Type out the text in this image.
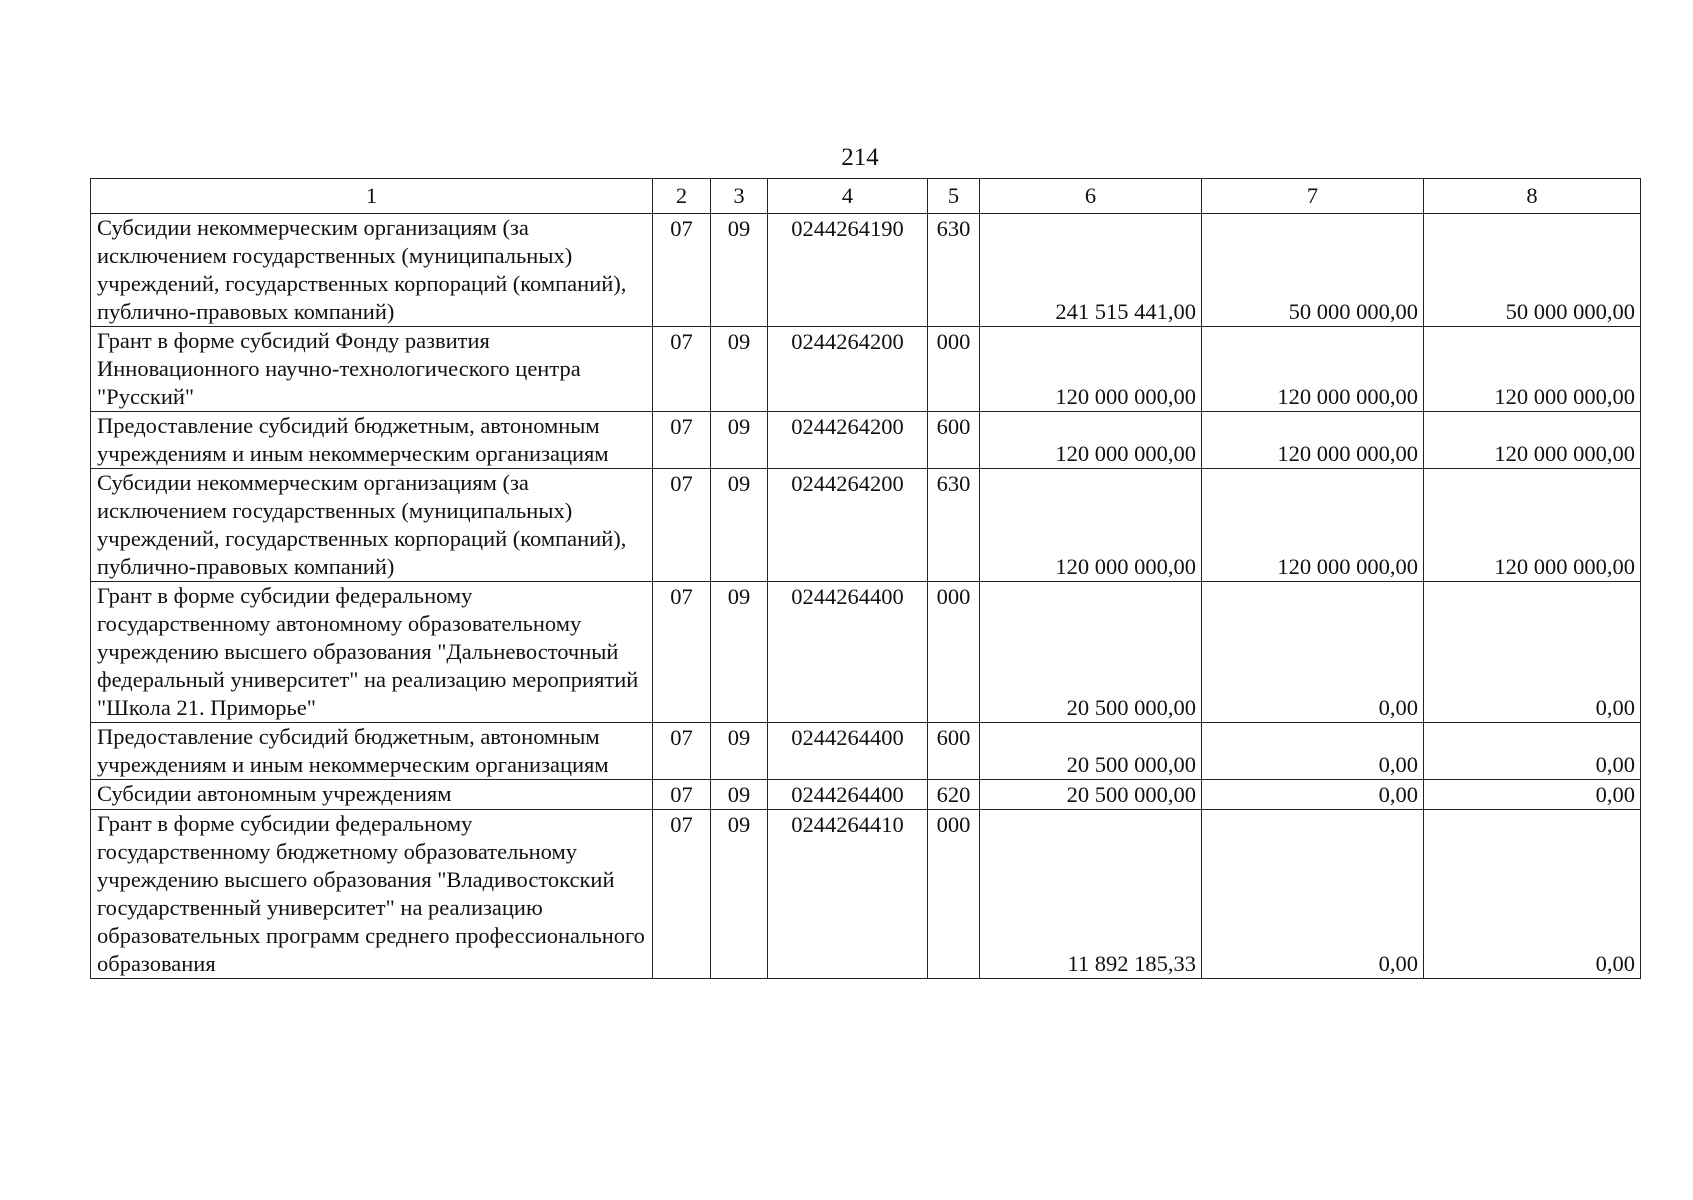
214
1	2	3	4	5	6	7	8
Субсидии некоммерческим организациям (за исключением государственных (муниципальных) учреждений, государственных корпораций (компаний), публично-правовых компаний)	07	09	0244264190	630	241 515 441,00	50 000 000,00	50 000 000,00
Грант в форме субсидий Фонду развития Инновационного научно-технологического центра "Русский"	07	09	0244264200	000	120 000 000,00	120 000 000,00	120 000 000,00
Предоставление субсидий бюджетным, автономным учреждениям и иным некоммерческим организациям	07	09	0244264200	600	120 000 000,00	120 000 000,00	120 000 000,00
Субсидии некоммерческим организациям (за исключением государственных (муниципальных) учреждений, государственных корпораций (компаний), публично-правовых компаний)	07	09	0244264200	630	120 000 000,00	120 000 000,00	120 000 000,00
Грант в форме субсидии федеральному государственному автономному образовательному учреждению высшего образования "Дальневосточный федеральный университет" на реализацию мероприятий "Школа 21. Приморье"	07	09	0244264400	000	20 500 000,00	0,00	0,00
Предоставление субсидий бюджетным, автономным учреждениям и иным некоммерческим организациям	07	09	0244264400	600	20 500 000,00	0,00	0,00
Субсидии автономным учреждениям	07	09	0244264400	620	20 500 000,00	0,00	0,00
Грант в форме субсидии федеральному государственному бюджетному образовательному учреждению высшего образования "Владивостокский государственный университет" на реализацию образовательных программ среднего профессионального образования	07	09	0244264410	000	11 892 185,33	0,00	0,00
